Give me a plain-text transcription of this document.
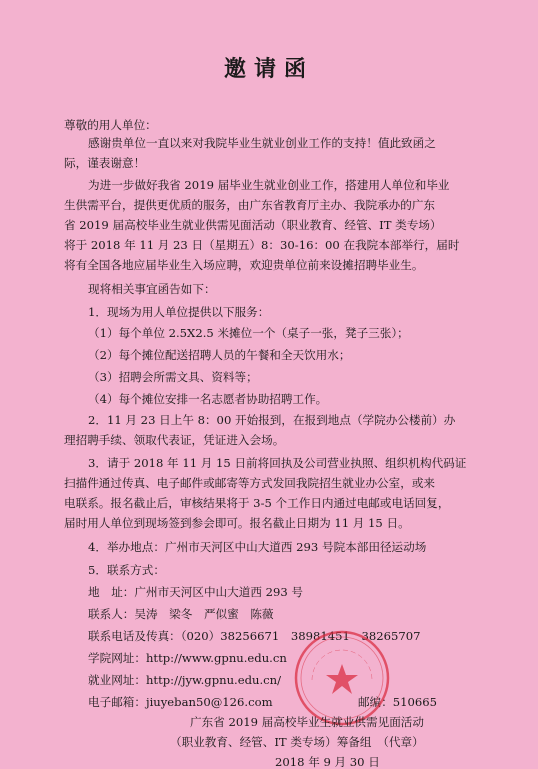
邀请函
尊敬的用人单位：
感谢贵单位一直以来对我院毕业生就业创业工作的支持！值此致函之
际，谨表谢意！
为进一步做好我省 2019 届毕业生就业创业工作，搭建用人单位和毕业
生供需平台，提供更优质的服务，由广东省教育厅主办、我院承办的广东
省 2019 届高校毕业生就业供需见面活动（职业教育、经管、IT 类专场）
将于 2018 年 11 月 23 日（星期五）8：30-16：00 在我院本部举行，届时
将有全国各地应届毕业生入场应聘，欢迎贵单位前来设摊招聘毕业生。
现将相关事宜函告如下：
1．现场为用人单位提供以下服务：
（1）每个单位 2.5X2.5 米摊位一个（桌子一张，凳子三张）；
（2）每个摊位配送招聘人员的午餐和全天饮用水；
（3）招聘会所需文具、资料等；
（4）每个摊位安排一名志愿者协助招聘工作。
2．11 月 23 日上午 8：00 开始报到，在报到地点（学院办公楼前）办
理招聘手续、领取代表证，凭证进入会场。
3．请于 2018 年 11 月 15 日前将回执及公司营业执照、组织机构代码证
扫描件通过传真、电子邮件或邮寄等方式发回我院招生就业办公室，或来
电联系。报名截止后，审核结果将于 3-5 个工作日内通过电邮或电话回复，
届时用人单位到现场签到参会即可。报名截止日期为 11 月 15 日。
4．举办地点：广州市天河区中山大道西 293 号院本部田径运动场
5．联系方式：
地　址：广州市天河区中山大道西 293 号
联系人：吴涛　梁冬　严似蜜　陈薇
联系电话及传真：（020）38256671　38981451　38265707
学院网址：http://www.gpnu.edu.cn
就业网址：http://jyw.gpnu.edu.cn/
电子邮箱：jiuyeban50@126.com	邮编：510665
广东省 2019 届高校毕业生就业供需见面活动
（职业教育、经管、IT 类专场）筹备组　（代章）
2018 年 9 月 30 日
